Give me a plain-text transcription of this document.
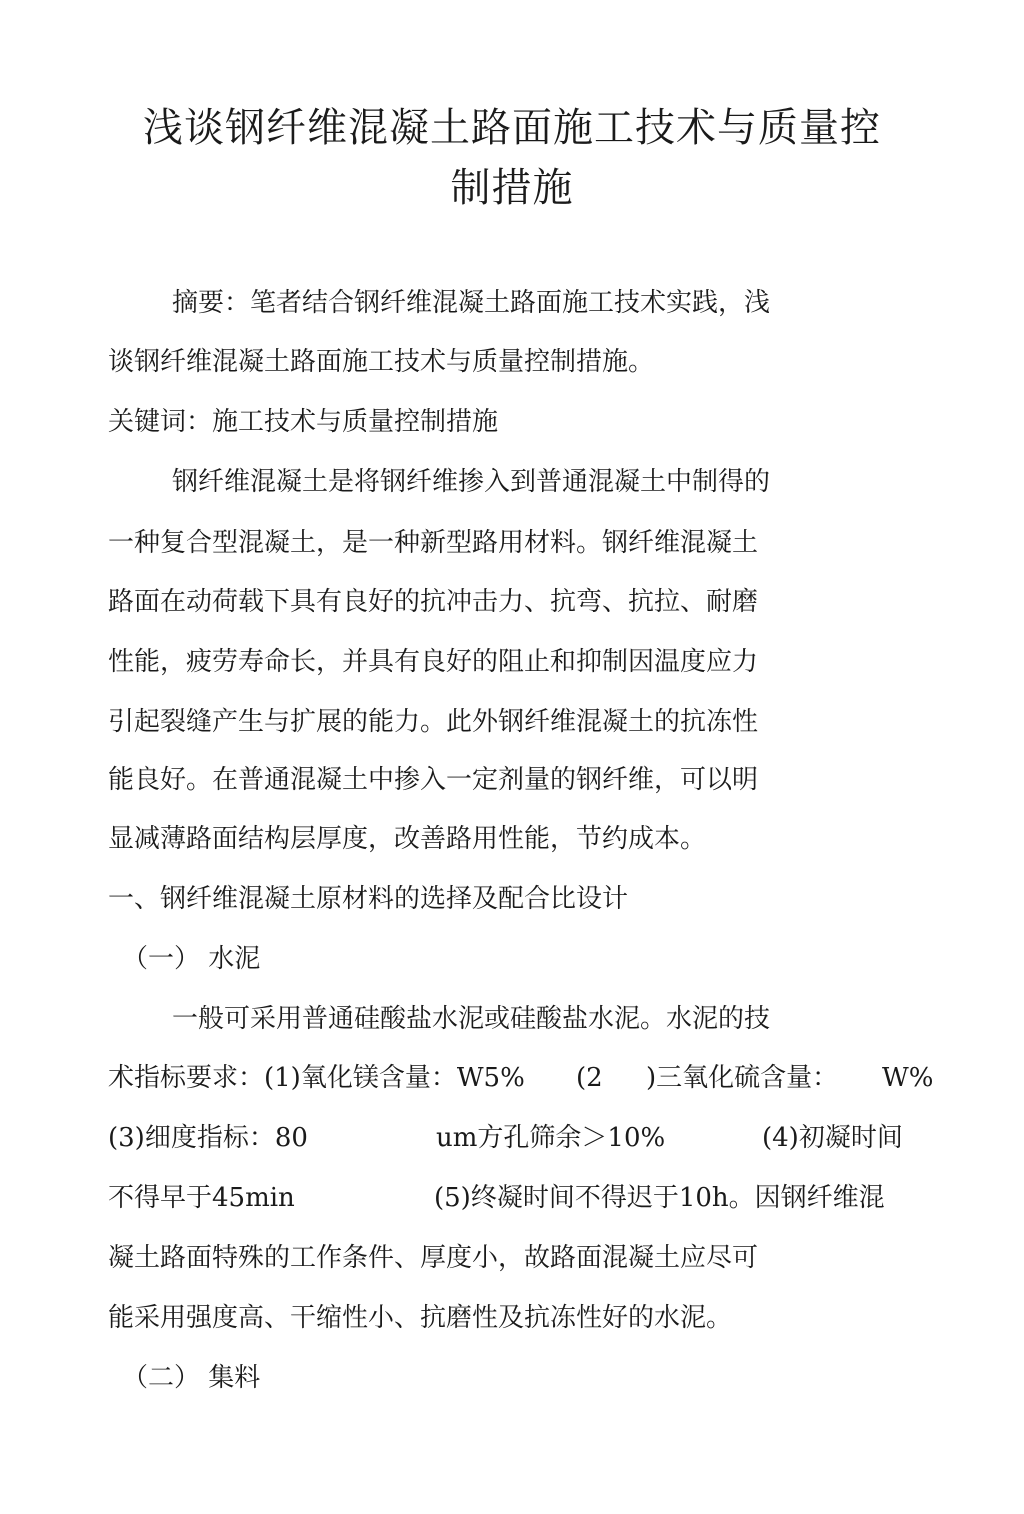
浅谈钢纤维混凝土路面施工技术与质量控
制措施
摘要：笔者结合钢纤维混凝土路面施工技术实践，浅
谈钢纤维混凝土路面施工技术与质量控制措施。
关键词：施工技术与质量控制措施
钢纤维混凝土是将钢纤维掺入到普通混凝土中制得的
一种复合型混凝土，是一种新型路用材料。钢纤维混凝土
路面在动荷载下具有良好的抗冲击力、抗弯、抗拉、耐磨
性能，疲劳寿命长，并具有良好的阻止和抑制因温度应力
引起裂缝产生与扩展的能力。此外钢纤维混凝土的抗冻性
能良好。在普通混凝土中掺入一定剂量的钢纤维，可以明
显减薄路面结构层厚度，改善路用性能，节约成本。
一、钢纤维混凝土原材料的选择及配合比设计
（一） 水泥
一般可采用普通硅酸盐水泥或硅酸盐水泥。水泥的技
术指标要求：(1)氧化镁含量：W5% (2 )三氧化硫含量： W%
(3)细度指标：80	um方孔筛余＞10%	(4)初凝时间
不得早于45min	(5)终凝时间不得迟于10h。因钢纤维混
凝土路面特殊的工作条件、厚度小，故路面混凝土应尽可
能采用强度高、干缩性小、抗磨性及抗冻性好的水泥。
（二） 集料
